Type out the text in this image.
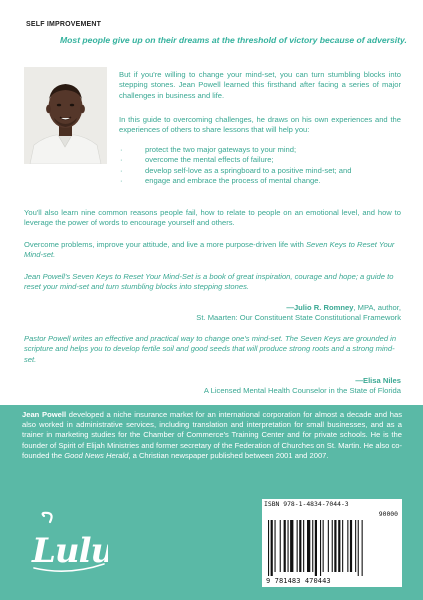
SELF IMPROVEMENT
Most people give up on their dreams at the threshold of victory because of adversity.
But if you're willing to change your mind-set, you can turn stumbling blocks into stepping stones. Jean Powell learned this firsthand after facing a series of major challenges in business and life.
In this guide to overcoming challenges, he draws on his own experiences and the experiences of others to share lessons that will help you:
· protect the two major gateways to your mind;
· overcome the mental effects of failure;
· develop self-love as a springboard to a positive mind-set; and
· engage and embrace the process of mental change.
You'll also learn nine common reasons people fail, how to relate to people on an emotional level, and how to leverage the power of words to encourage yourself and others.
Overcome problems, improve your attitude, and live a more purpose-driven life with Seven Keys to Reset Your Mind-set.
Jean Powell's Seven Keys to Reset Your Mind-Set is a book of great inspiration, courage and hope; a guide to reset your mind-set and turn stumbling blocks into stepping stones.
—Julio R. Romney, MPA, author,
St. Maarten: Our Constituent State Constitutional Framework
Pastor Powell writes an effective and practical way to change one's mind-set. The Seven Keys are grounded in scripture and helps you to develop fertile soil and good seeds that will produce strong roots and a strong mind-set.
—Elisa Niles
A Licensed Mental Health Counselor in the State of Florida
Jean Powell developed a niche insurance market for an international corporation for almost a decade and has also worked in administrative services, including translation and interpretation for small businesses, and as a trainer in marketing studies for the Chamber of Commerce's Training Center and for private schools. He is the founder of Spirit of Elijah Ministries and former secretary of the Federation of Churches on St. Martin. He also co-founded the Good News Herald, a Christian newspaper published between 2001 and 2007.
Lulu
ISBN 978-1-4834-7044-3
90000
9 781483 470443
